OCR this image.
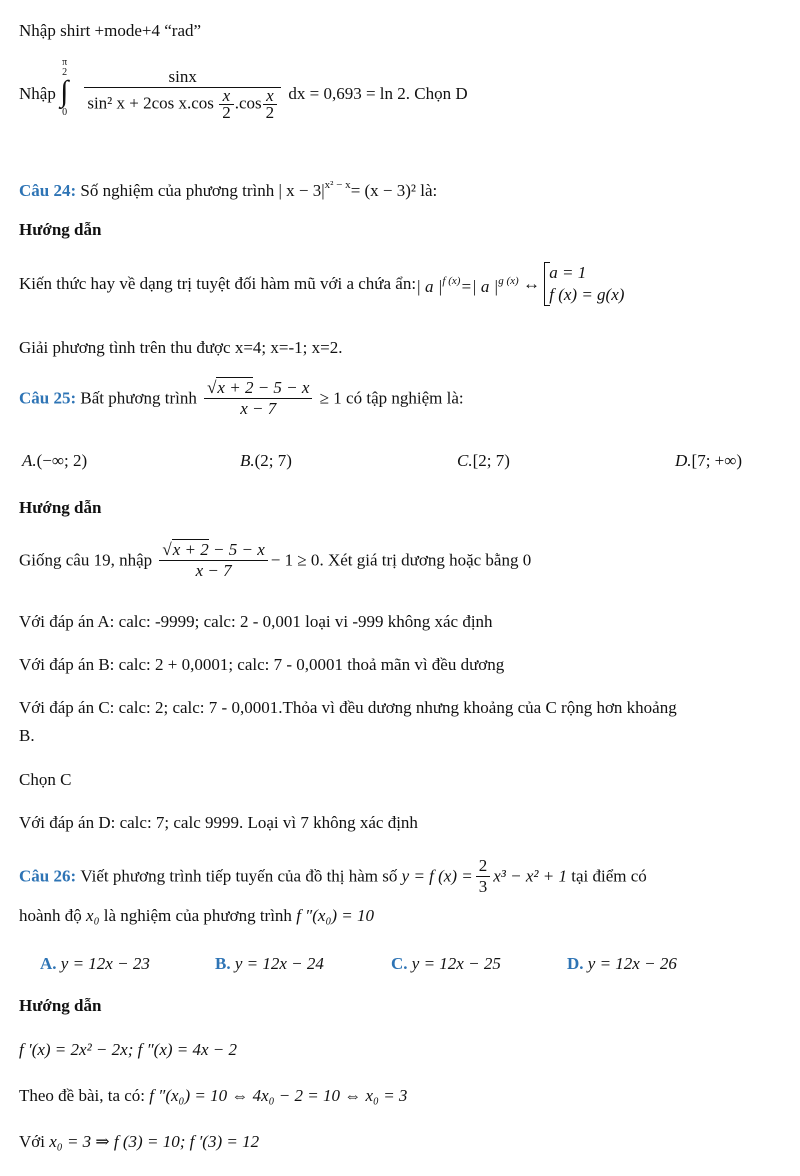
Nhập shirt +mode+4 “rad”
Nhập
π
2
∫
0
$\frac{\sin x}{\sin^2 x + 2\cos x.\cos \frac{x}{2} .\cos \frac{x}{2}}$ dx = 0,693 = ln 2. Chọn D
Câu 24: Số nghiệm của phương trình | $x - 3|^{x^2 - x}= (x - 3)^2$ là:
Hướng dẫn
Kiến thức hay về dạng trị tuyệt đối hàm mũ với a chứa ẩn:| a $|^{f (x)}=|$ a $|^{g (x)}$ ↔
a = 1
f (x) = g(x)
Giải phương tình trên thu được x=4; x=-1; x=2.
Câu 25: Bất phương trình $\frac{√x + 2 - 5 - x}{x - 7} \ge 1$ có tập nghiệm là:
A.(−∞; 2)	B.(2; 7)	C.[2; 7)	D.[7; +∞)
Hướng dẫn
Giống câu 19, nhập $\frac{√x + 2 - 5 - x}{x - 7} - 1 \ge 0$. Xét giá trị dương hoặc bằng 0
Với đáp án A: calc: -9999; calc: 2 - 0,001 loại vi -999 không xác định
Với đáp án B: calc: 2 + 0,0001; calc: 7 - 0,0001 thoả mãn vì đều dương
Với đáp án C: calc: 2; calc: 7 - 0,0001.Thỏa vì đều dương nhưng khoảng của C rộng hơn khoảng
B.
Chọn C
Với đáp án D: calc: 7; calc 9999. Loại vì 7 không xác định
Câu 26: Viết phương trình tiếp tuyến của đồ thị hàm số y = f $(x) = \frac{2}{3} x^3 - x^2 + 1$ tại điểm có
hoành độ x₀ là nghiệm của phương trình f ″(x₀) = 10
A. y = 12x − 23	B. y = 12x − 24	C. y = 12x − 25	D. y = 12x − 26
Hướng dẫn
f ′(x) = 2x² − 2x; f ″(x) = 4x − 2
Theo đề bài, ta có: f ″(x₀) = 10 ⇔ 4x₀ − 2 = 10 ⇔ x₀ = 3
Với x₀ = 3 ⇒ f (3) = 10; f ′(3) = 12
